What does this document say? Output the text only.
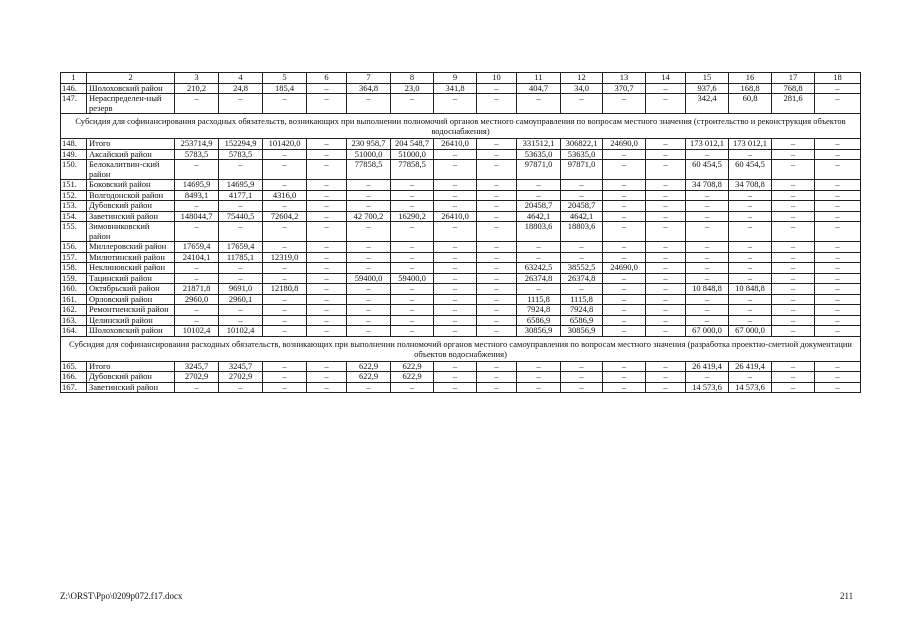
1	2	3	4	5	6	7	8	9	10	11	12	13	14	15	16	17	18
146.	Шолоховский район	210,2	24,8	185,4	–	364,8	23,0	341,8	–	404,7	34,0	370,7	–	937,6	168,8	768,8	–
147.	Нераспределен-ный резерв	–	–	–	–	–	–	–	–	–	–	–	–	342,4	60,8	281,6	–
Субсидия для софинансирования расходных обязательств, возникающих при выполнении полномочий органов местного самоуправления по вопросам местного значения (строительство и реконструкция объектов водоснабжения)																	
148.	Итого	253714,9	152294,9	101420,0	–	230 958,7	204 548,7	26410,0	–	331512,1	306822,1	24690,0	–	173 012,1	173 012,1	–	–
149.	Аксайский район	5783,5	5783,5	–	–	51000,0	51000,0	–	–	53635,0	53635,0	–	–	–	–	–	–
150.	Белокалитвин-ский район	–	–	–	–	77858,5	77858,5	–	–	97871,0	97871,0	–	–	60 454,5	60 454,5	–	–
151.	Боковский район	14695,9	14695,9	–	–	–	–	–	–	–	–	–	–	34 708,8	34 708,8	–	–
152.	Волгодонской район	8493,1	4177,1	4316,0	–	–	–	–	–	–	–	–	–	–	–	–	–
153.	Дубовский район	–	–	–	–	–	–	–	–	20458,7	20458,7	–	–	–	–	–	–
154.	Заветинский район	148044,7	75440,5	72604,2	–	42 700,2	16290,2	26410,0	–	4642,1	4642,1	–	–	–	–	–	–
155.	Зимовниковский район	–	–	–	–	–	–	–	–	18803,6	18803,6	–	–	–	–	–	–
156.	Миллеровский район	17659,4	17659,4	–	–	–	–	–	–	–	–	–	–	–	–	–	–
157.	Милютинский район	24104,1	11785,1	12319,0	–	–	–	–	–	–	–	–	–	–	–	–	–
158.	Неклиновский район	–	–	–	–	–	–	–	–	63242,5	38552,5	24690,0	–	–	–	–	–
159.	Тацинский район	–	–	–	–	59400,0	59400,0	–	–	26374,8	26374,8	–	–	–	–	–	–
160.	Октябрьский район	21871,8	9691,0	12180,8	–	–	–	–	–	–	–	–	–	10 848,8	10 848,8	–	–
161.	Орловский район	2960,0	2960,1	–	–	–	–	–	–	1115,8	1115,8	–	–	–	–	–	–
162.	Ремонтненский район	–	–	–	–	–	–	–	–	7924,8	7924,8	–	–	–	–	–	–
163.	Целинский район	–	–	–	–	–	–	–	–	6586,9	6586,9	–	–	–	–	–	–
164.	Шолоховский район	10102,4	10102,4	–	–	–	–	–	–	30856,9	30856,9	–	–	67 000,0	67 000,0	–	–
Субсидия для софинансирования расходных обязательств, возникающих при выполнении полномочий органов местного самоуправления по вопросам местного значения (разработка проектно-сметной документации объектов водоснабжения)																	
165.	Итого	3245,7	3245,7	–	–	622,9	622,9	–	–	–	–	–	–	26 419,4	26 419,4	–	–
166.	Дубовский район	2702,9	2702,9	–	–	622,9	622,9	–	–	–	–	–	–	–	–	–	–
167.	Заветинский район	–	–	–	–	–	–	–	–	–	–	–	–	14 573,6	14 573,6	–	–
Z:\ORST\Ppo\0209p072.f17.docx	211
